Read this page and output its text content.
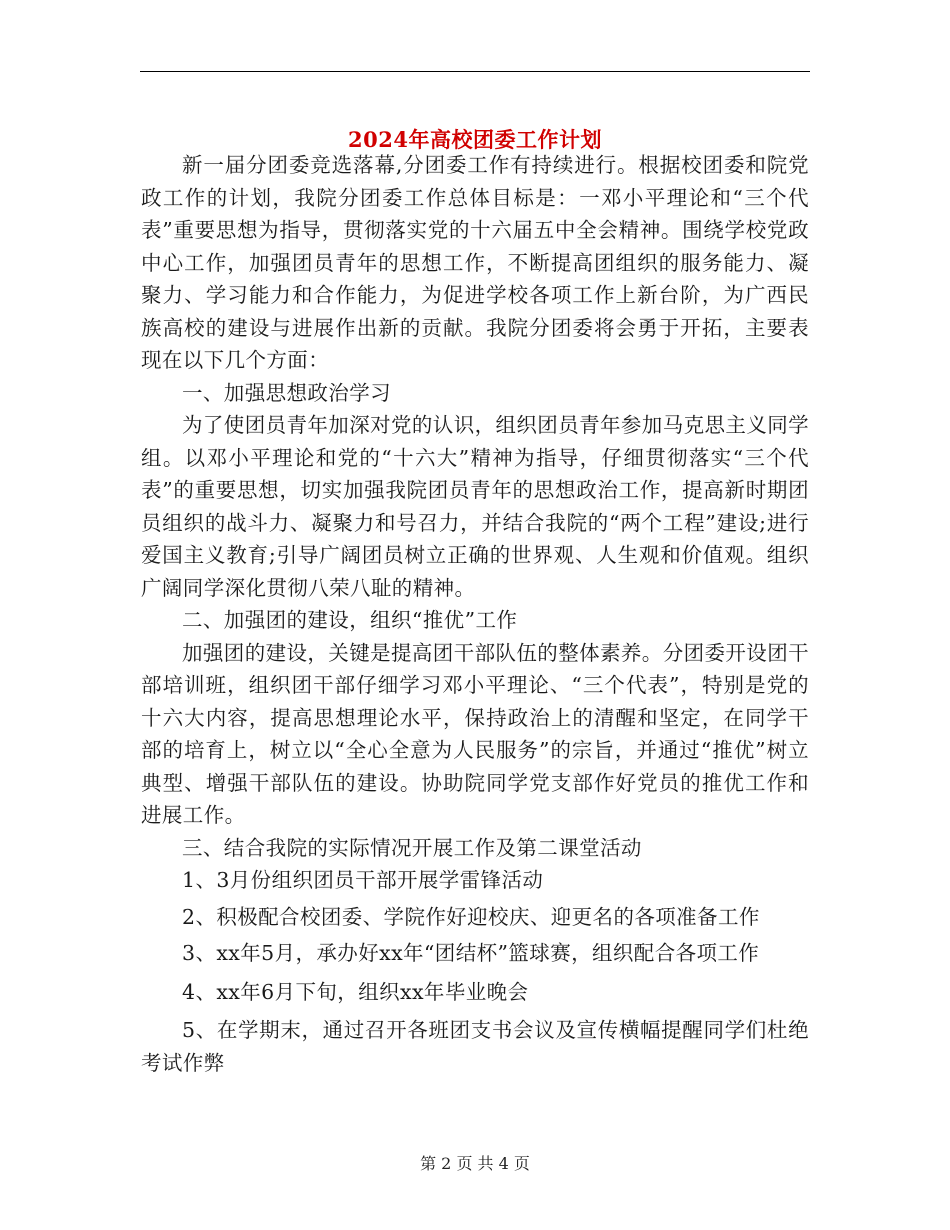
2024年高校团委工作计划

新一届分团委竞选落幕,分团委工作有持续进行。根据校团委和院党政工作的计划，我院分团委工作总体目标是：一邓小平理论和“三个代表”重要思想为指导，贯彻落实党的十六届五中全会精神。围绕学校党政中心工作，加强团员青年的思想工作，不断提高团组织的服务能力、凝聚力、学习能力和合作能力，为促进学校各项工作上新台阶，为广西民族高校的建设与进展作出新的贡献。我院分团委将会勇于开拓，主要表现在以下几个方面：

一、加强思想政治学习

为了使团员青年加深对党的认识，组织团员青年参加马克思主义同学组。以邓小平理论和党的“十六大”精神为指导，仔细贯彻落实“三个代表”的重要思想，切实加强我院团员青年的思想政治工作，提高新时期团员组织的战斗力、凝聚力和号召力，并结合我院的“两个工程”建设;进行爱国主义教育;引导广阔团员树立正确的世界观、人生观和价值观。组织广阔同学深化贯彻八荣八耻的精神。

二、加强团的建设，组织“推优”工作

加强团的建设，关键是提高团干部队伍的整体素养。分团委开设团干部培训班，组织团干部仔细学习邓小平理论、“三个代表”，特别是党的十六大内容，提高思想理论水平，保持政治上的清醒和坚定，在同学干部的培育上，树立以“全心全意为人民服务”的宗旨，并通过“推优”树立典型、增强干部队伍的建设。协助院同学党支部作好党员的推优工作和进展工作。

三、结合我院的实际情况开展工作及第二课堂活动

1、3月份组织团员干部开展学雷锋活动

2、积极配合校团委、学院作好迎校庆、迎更名的各项准备工作

3、xx年5月，承办好xx年“团结杯”篮球赛，组织配合各项工作

4、xx年6月下旬，组织xx年毕业晚会

5、在学期末，通过召开各班团支书会议及宣传横幅提醒同学们杜绝考试作弊

第 2 页 共 4 页
